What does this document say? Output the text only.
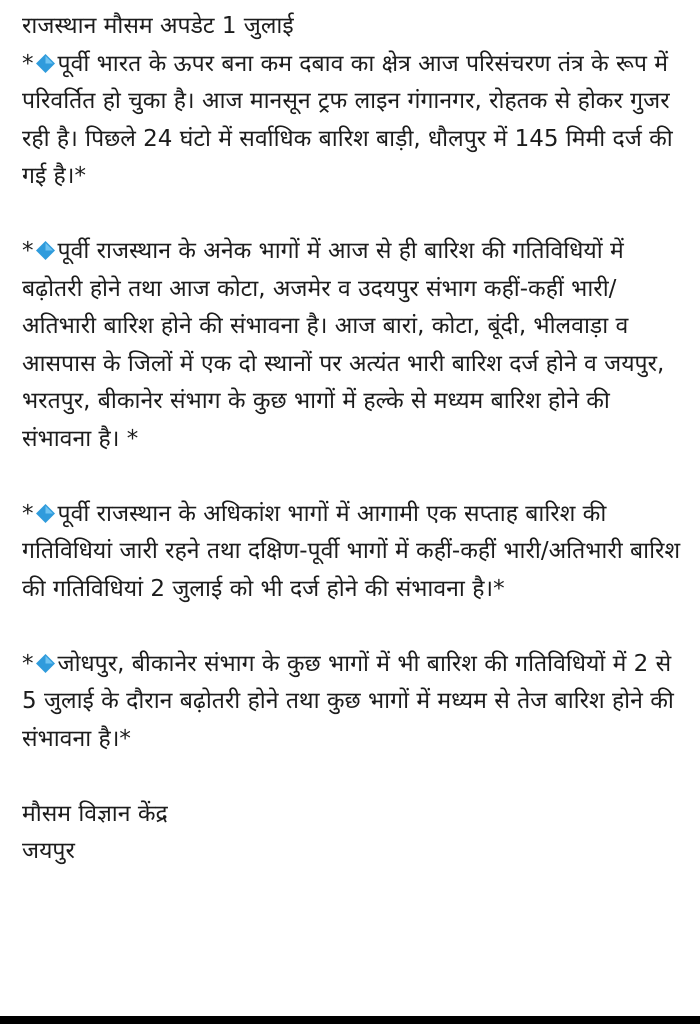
राजस्थान मौसम अपडेट 1 जुलाई

* पूर्वी भारत के ऊपर बना कम दबाव का क्षेत्र आज परिसंचरण तंत्र के रूप में परिवर्तित हो चुका है। आज मानसून ट्रफ लाइन गंगानगर, रोहतक से होकर गुजर रही है। पिछले 24 घंटो में सर्वाधिक बारिश बाड़ी, धौलपुर में 145 मिमी दर्ज की गई है।*

* पूर्वी राजस्थान के अनेक भागों में आज से ही बारिश की गतिविधियों में बढ़ोतरी होने तथा आज कोटा, अजमेर व उदयपुर संभाग कहीं-कहीं भारी/अतिभारी बारिश होने की संभावना है। आज बारां, कोटा, बूंदी, भीलवाड़ा व आसपास के जिलों में एक दो स्थानों पर अत्यंत भारी बारिश दर्ज होने व जयपुर, भरतपुर, बीकानेर संभाग के कुछ भागों में हल्के से मध्यम बारिश होने की संभावना है। *

* पूर्वी राजस्थान के अधिकांश भागों में आगामी एक सप्ताह बारिश की गतिविधियां जारी रहने तथा दक्षिण-पूर्वी भागों में कहीं-कहीं भारी/अतिभारी बारिश की गतिविधियां 2 जुलाई को भी दर्ज होने की संभावना है।*

* जोधपुर, बीकानेर संभाग के कुछ भागों में भी बारिश की गतिविधियों में 2 से 5 जुलाई के दौरान बढ़ोतरी होने तथा कुछ भागों में मध्यम से तेज बारिश होने की संभावना है।*

मौसम विज्ञान केंद्र

जयपुर
